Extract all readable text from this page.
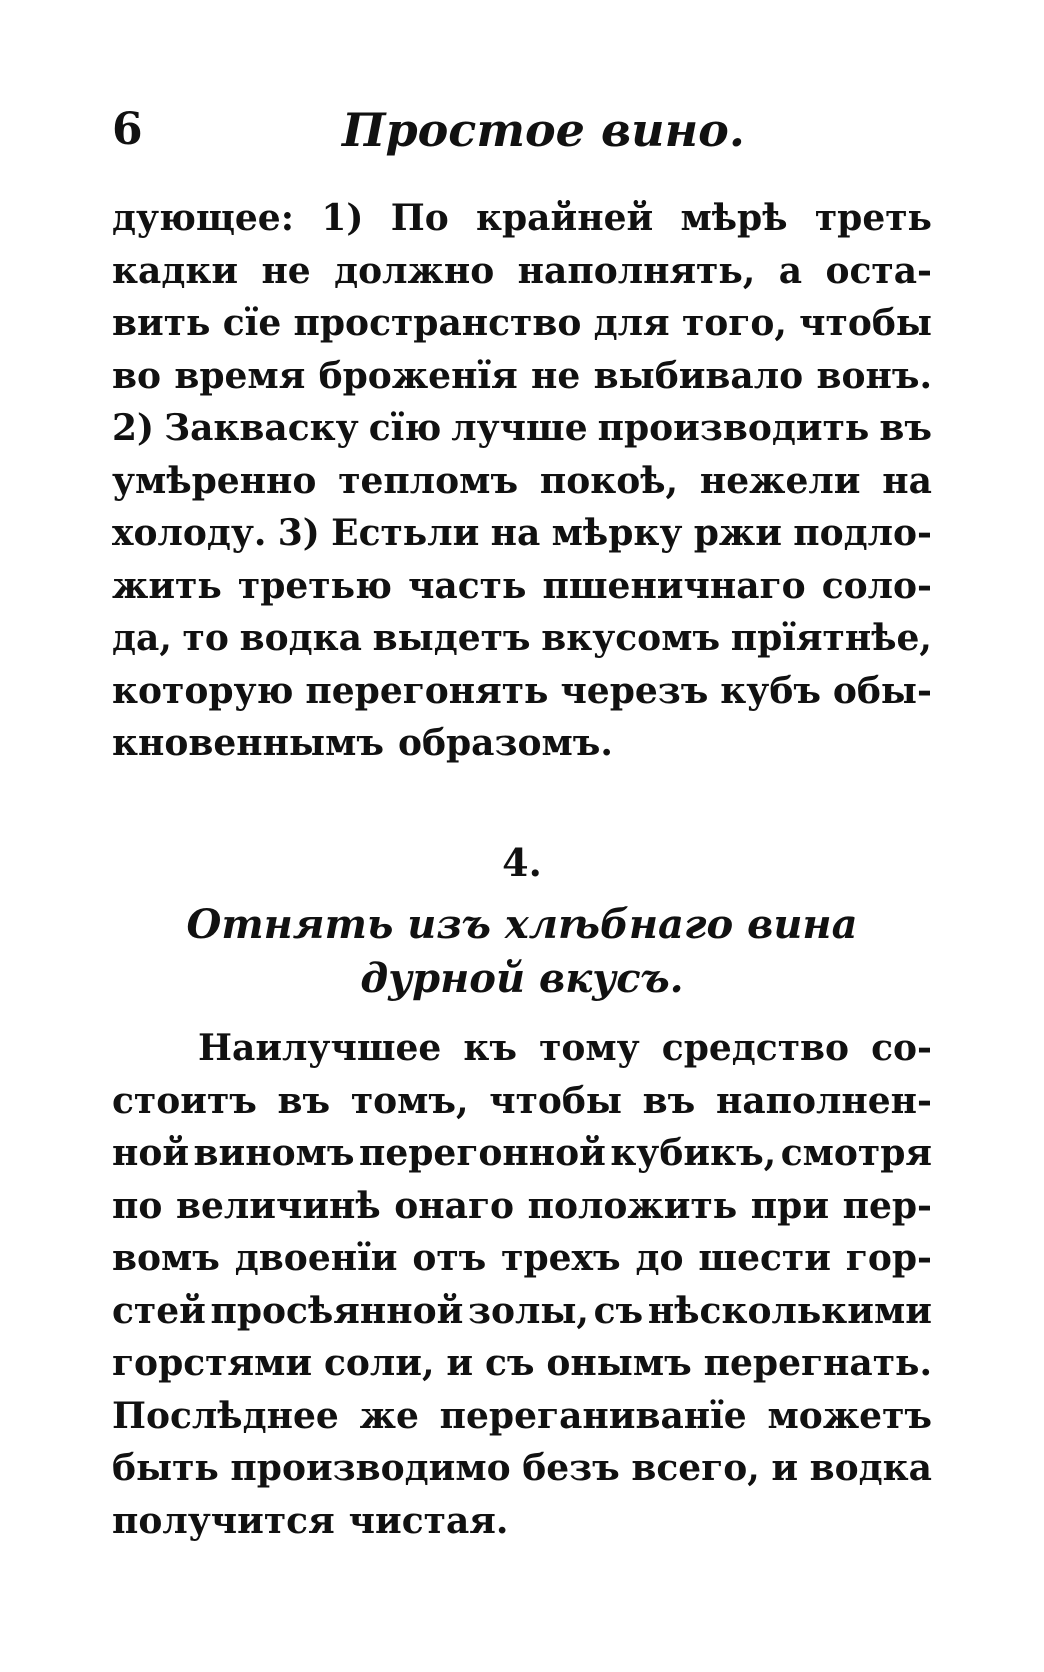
6	Простое вино.
дующее: 1) По крайней мѣрѣ треть
кадки не должно наполнять, а оста-
вить сїе пространство для того, чтобы
во время броженїя не выбивало вонъ.
2) Закваску сїю лучше производить въ
умѣренно тепломъ покоѣ, нежели на
холоду. 3) Естьли на мѣрку ржи подло-
жить третью часть пшеничнаго соло-
да, то водка выдетъ вкусомъ прїятнѣе,
которую перегонять черезъ кубъ обы-
кновеннымъ образомъ.
4.
Отнять изъ хлѣбнаго вина дурной вкусъ.
Наилучшее къ тому средство со-
стоитъ въ томъ, чтобы въ наполнен-
ной виномъ перегонной кубикъ, смотря
по величинѣ онаго положить при пер-
вомъ двоенїи отъ трехъ до шести гор-
стей просѣянной золы, съ нѣсколькими
горстями соли, и съ онымъ перегнать.
Послѣднее же переганиванїе можетъ
быть производимо безъ всего, и водка
получится чистая.
